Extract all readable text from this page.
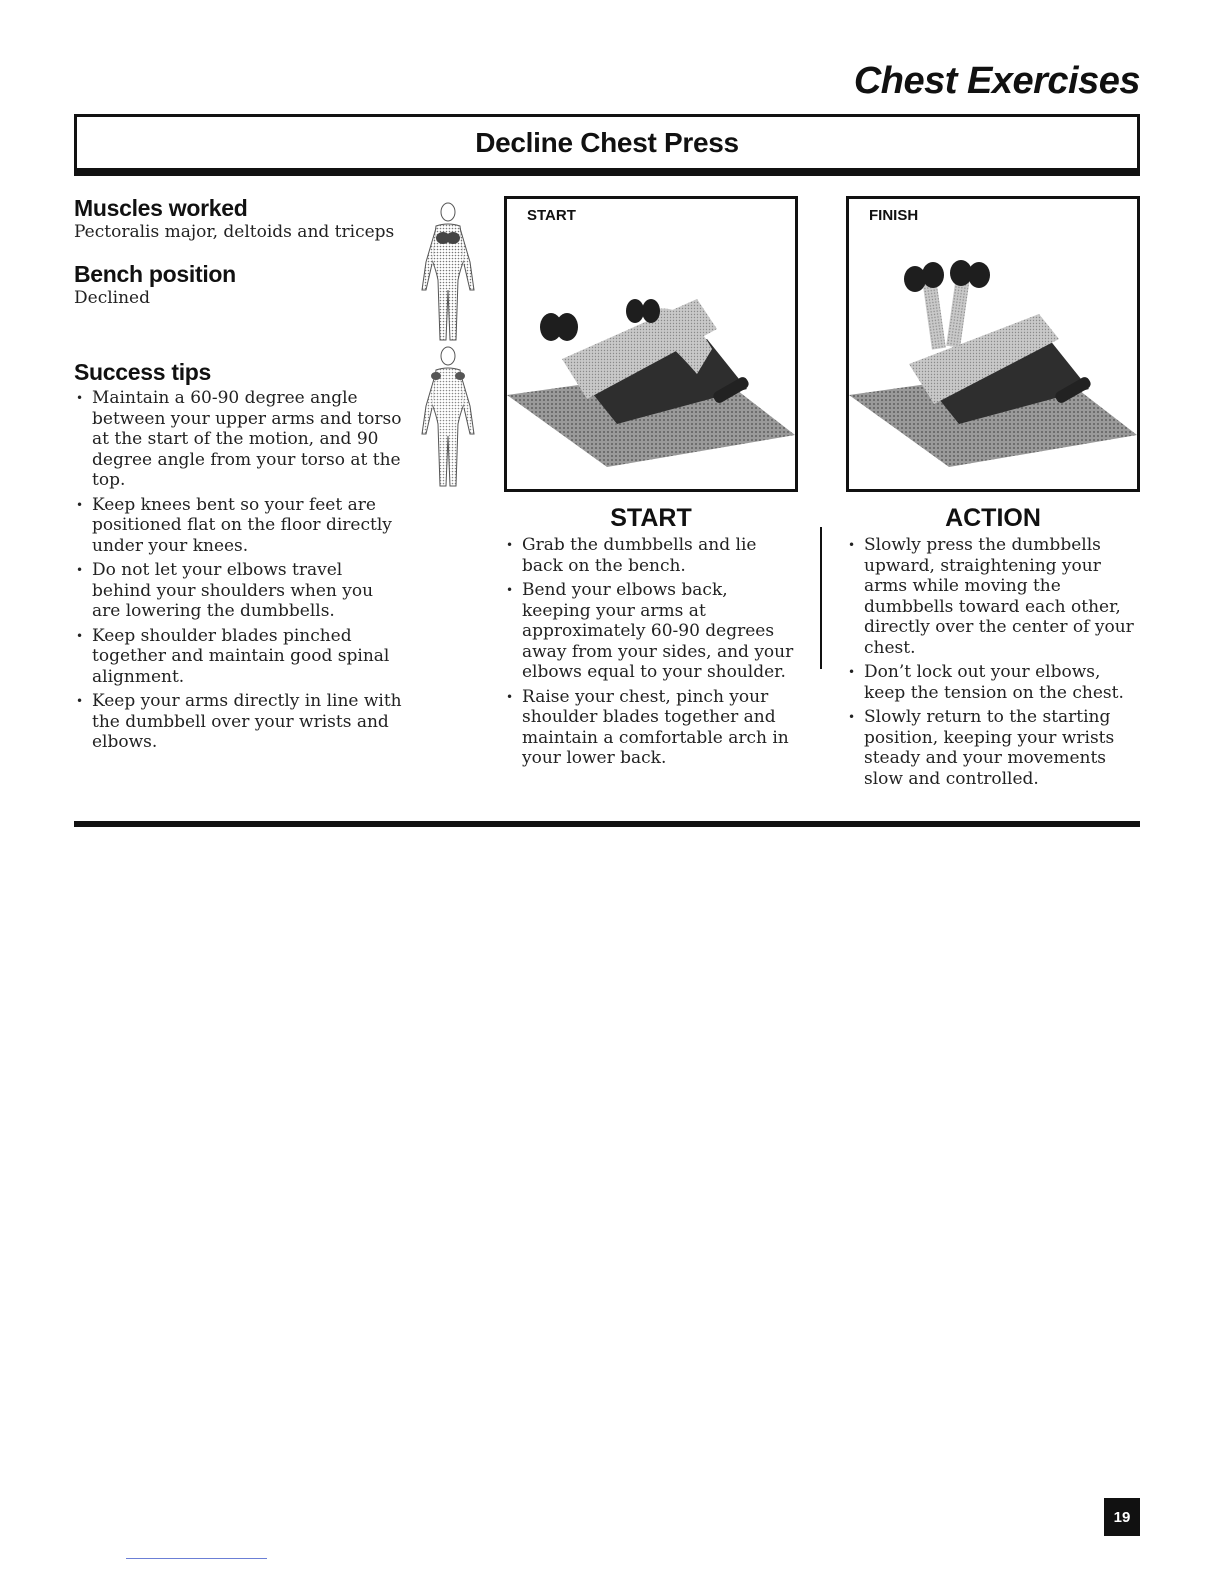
Chest Exercises
Decline Chest Press
Muscles worked
Pectoralis major, deltoids and triceps
Bench position
Declined
Success tips
• Maintain a 60-90 degree angle between your upper arms and torso at the start of the motion, and 90 degree angle from your torso at the top.
• Keep knees bent so your feet are positioned flat on the floor directly under your knees.
• Do not let your elbows travel behind your shoulders when you are lowering the dumbbells.
• Keep shoulder blades pinched together and maintain good spinal alignment.
• Keep your arms directly in line with the dumbbell over your wrists and elbows.
START	FINISH
START
• Grab the dumbbells and lie back on the bench.
• Bend your elbows back, keeping your arms at approximately 60-90 degrees away from your sides, and your elbows equal to your shoulder.
• Raise your chest, pinch your shoulder blades together and maintain a comfortable arch in your lower back.
ACTION
• Slowly press the dumbbells upward, straightening your arms while moving the dumbbells toward each other, directly over the center of your chest.
• Don’t lock out your elbows, keep the tension on the chest.
• Slowly return to the starting position, keeping your wrists steady and your movements slow and controlled.
19
